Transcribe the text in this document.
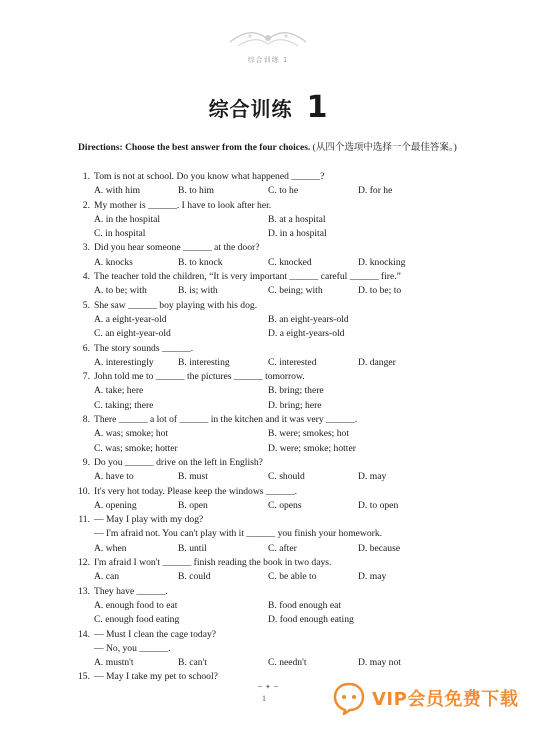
综合训练 1
综合训练 1
Directions: Choose the best answer from the four choices. (从四个选项中选择一个最佳答案。)
1. Tom is not at school. Do you know what happened ______?
A. with him	B. to him	C. to he	D. for he
2. My mother is ______. I have to look after her.
A. in the hospital	B. at a hospital
C. in hospital	D. in a hospital
3. Did you hear someone ______ at the door?
A. knocks	B. to knock	C. knocked	D. knocking
4. The teacher told the children, “It is very important ______ careful ______ fire.”
A. to be; with	B. is; with	C. being; with	D. to be; to
5. She saw ______ boy playing with his dog.
A. a eight-year-old	B. an eight-years-old
C. an eight-year-old	D. a eight-years-old
6. The story sounds ______.
A. interestingly	B. interesting	C. interested	D. danger
7. John told me to ______ the pictures ______ tomorrow.
A. take; here	B. bring; there
C. taking; there	D. bring; here
8. There ______ a lot of ______ in the kitchen and it was very ______.
A. was; smoke; hot	B. were; smokes; hot
C. was; smoke; hotter	D. were; smoke; hotter
9. Do you ______ drive on the left in English?
A. have to	B. must	C. should	D. may
10. It's very hot today. Please keep the windows ______.
A. opening	B. open	C. opens	D. to open
11. — May I play with my dog?
— I'm afraid not. You can't play with it ______ you finish your homework.
A. when	B. until	C. after	D. because
12. I'm afraid I won't ______ finish reading the book in two days.
A. can	B. could	C. be able to	D. may
13. They have ______.
A. enough food to eat	B. food enough eat
C. enough food eating	D. food enough eating
14. — Must I clean the cage today?
— No, you ______.
A. mustn't	B. can't	C. needn't	D. may not
15. — May I take my pet to school?
~ ✦ ~
1	VIP会员免费下载
